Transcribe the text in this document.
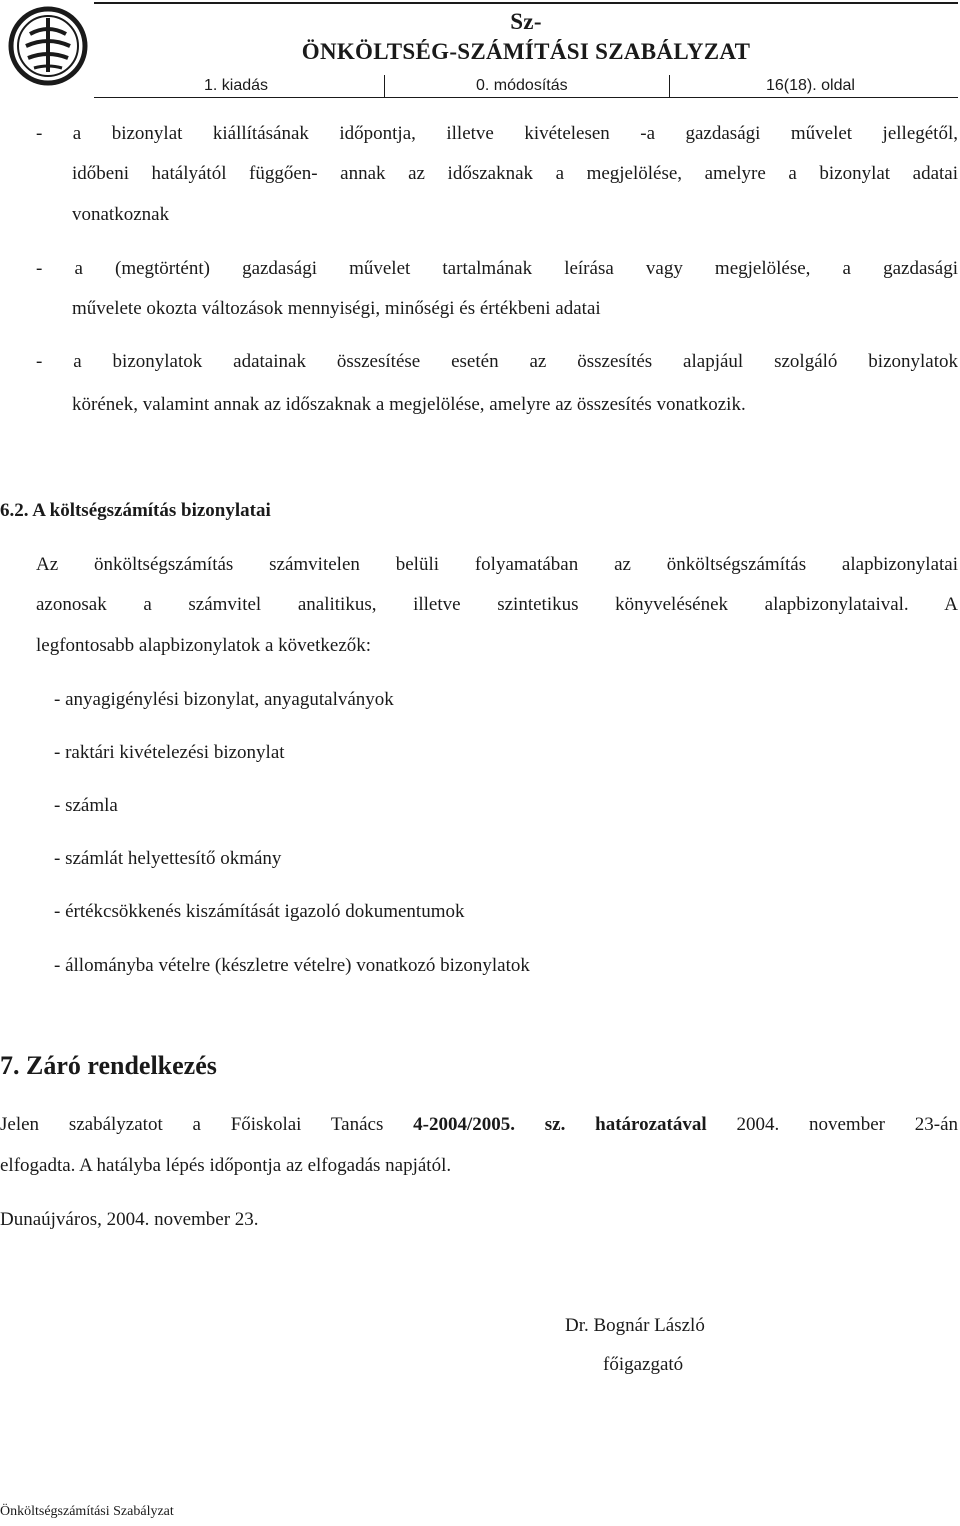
Sz-
ÖNKÖLTSÉG-SZÁMÍTÁSI SZABÁLYZAT
1. kiadás	0. módosítás	16(18). oldal
- a bizonylat kiállításának időpontja, illetve kivételesen -a gazdasági művelet jellegétől,
időbeni hatályától függően- annak az időszaknak a megjelölése, amelyre a bizonylat adatai
vonatkoznak
- a (megtörtént) gazdasági művelet tartalmának leírása vagy megjelölése, a gazdasági
művelete okozta változások mennyiségi, minőségi és értékbeni adatai
- a bizonylatok adatainak összesítése esetén az összesítés alapjául szolgáló bizonylatok
körének, valamint annak az időszaknak a megjelölése, amelyre az összesítés vonatkozik.
6.2. A költségszámítás bizonylatai
Az önköltségszámítás számvitelen belüli folyamatában az önköltségszámítás alapbizonylatai
azonosak a számvitel analitikus, illetve szintetikus könyvelésének alapbizonylataival. A
legfontosabb alapbizonylatok a következők:
- anyagigénylési bizonylat, anyagutalványok
- raktári kivételezési bizonylat
- számla
- számlát helyettesítő okmány
- értékcsökkenés kiszámítását igazoló dokumentumok
- állományba vételre (készletre vételre) vonatkozó bizonylatok
7. Záró rendelkezés
Jelen szabályzatot a Főiskolai Tanács 4-2004/2005. sz. határozatával 2004. november 23-án
elfogadta. A hatályba lépés időpontja az elfogadás napjától.
Dunaújváros, 2004. november 23.
Dr. Bognár László
főigazgató
Önköltségszámítási Szabályzat
